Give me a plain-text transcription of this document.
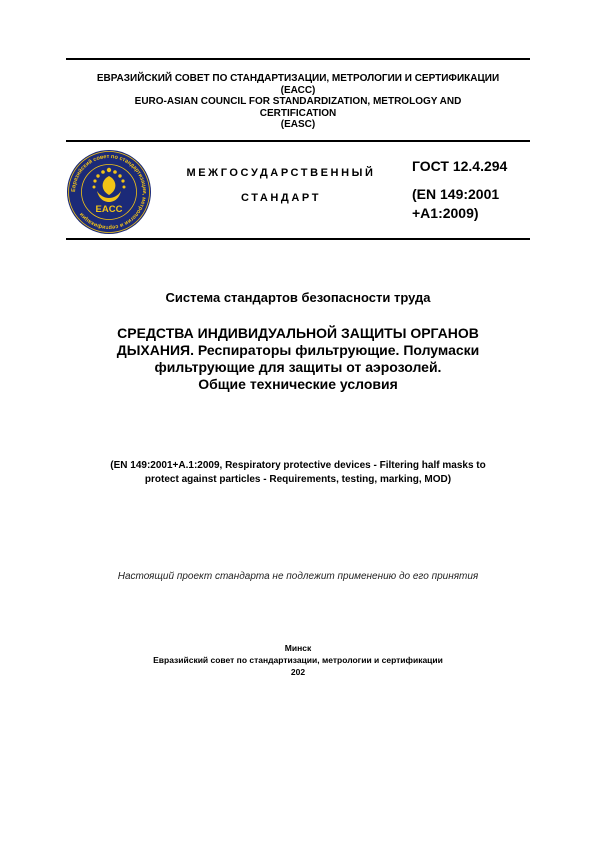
ЕВРАЗИЙСКИЙ СОВЕТ ПО СТАНДАРТИЗАЦИИ, МЕТРОЛОГИИ И СЕРТИФИКАЦИИ
(ЕАСС)
EURO-ASIAN COUNCIL FOR STANDARDIZATION, METROLOGY AND
CERTIFICATION
(EASC)
Евразийский совет по стандартизации, метрологии и сертификации	EACC
МЕЖГОСУДАРСТВЕННЫЙ
СТАНДАРТ
ГОСТ 12.4.294
(EN 149:2001
+A1:2009)
Система стандартов безопасности труда
СРЕДСТВА ИНДИВИДУАЛЬНОЙ ЗАЩИТЫ ОРГАНОВ
ДЫХАНИЯ. Респираторы фильтрующие. Полумаски
фильтрующие для защиты от аэрозолей.
Общие технические условия
(EN 149:2001+A.1:2009, Respiratory protective devices - Filtering half masks to
protect against particles - Requirements, testing, marking, MOD)
Настоящий проект стандарта не подлежит применению до его принятия
Минск
Евразийский совет по стандартизации, метрологии и сертификации
202
